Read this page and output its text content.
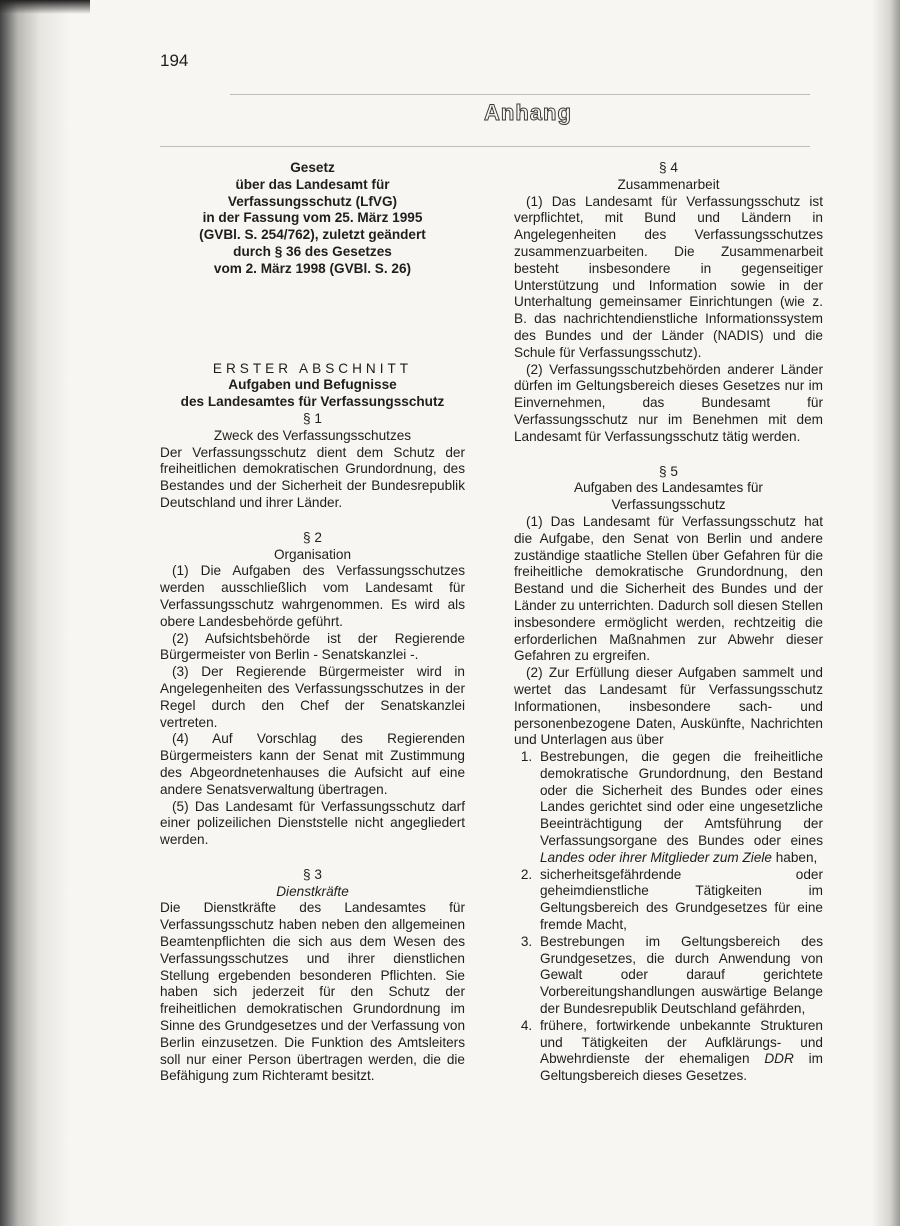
194
Anhang
Gesetz
über das Landesamt für
Verfassungsschutz (LfVG)
in der Fassung vom 25. März 1995
(GVBl. S. 254/762), zuletzt geändert
durch § 36 des Gesetzes
vom 2. März 1998 (GVBl. S. 26)

ERSTER ABSCHNITT

Aufgaben und Befugnisse

des Landesamtes für Verfassungsschutz

§ 1

Zweck des Verfassungsschutzes

Der Verfassungsschutz dient dem Schutz der freiheitlichen demokratischen Grundordnung, des Bestandes und der Sicherheit der Bundesrepublik Deutschland und ihrer Länder.

§ 2

Organisation

(1) Die Aufgaben des Verfassungsschutzes werden ausschließlich vom Landesamt für Verfassungsschutz wahrgenommen. Es wird als obere Landesbehörde geführt.

(2) Aufsichtsbehörde ist der Regierende Bürgermeister von Berlin - Senatskanzlei -.

(3) Der Regierende Bürgermeister wird in Angelegenheiten des Verfassungsschutzes in der Regel durch den Chef der Senatskanzlei vertreten.

(4) Auf Vorschlag des Regierenden Bürgermeisters kann der Senat mit Zustimmung des Abgeordnetenhauses die Aufsicht auf eine andere Senatsverwaltung übertragen.

(5) Das Landesamt für Verfassungsschutz darf einer polizeilichen Dienststelle nicht angegliedert werden.

§ 3

Dienstkräfte

Die Dienstkräfte des Landesamtes für Verfassungsschutz haben neben den allgemeinen Beamtenpflichten die sich aus dem Wesen des Verfassungsschutzes und ihrer dienstlichen Stellung ergebenden besonderen Pflichten. Sie haben sich jederzeit für den Schutz der freiheitlichen demokratischen Grundordnung im Sinne des Grundgesetzes und der Verfassung von Berlin einzusetzen. Die Funktion des Amtsleiters soll nur einer Person übertragen werden, die die Befähigung zum Richteramt besitzt.

§ 4

Zusammenarbeit

(1) Das Landesamt für Verfassungsschutz ist verpflichtet, mit Bund und Ländern in Angelegenheiten des Verfassungsschutzes zusammenzuarbeiten. Die Zusammenarbeit besteht insbesondere in gegenseitiger Unterstützung und Information sowie in der Unterhaltung gemeinsamer Einrichtungen (wie z. B. das nachrichtendienstliche Informationssystem des Bundes und der Länder (NADIS) und die Schule für Verfassungsschutz).

(2) Verfassungsschutzbehörden anderer Länder dürfen im Geltungsbereich dieses Gesetzes nur im Einvernehmen, das Bundesamt für Verfassungsschutz nur im Benehmen mit dem Landesamt für Verfassungsschutz tätig werden.

§ 5

Aufgaben des Landesamtes für

Verfassungsschutz

(1) Das Landesamt für Verfassungsschutz hat die Aufgabe, den Senat von Berlin und andere zuständige staatliche Stellen über Gefahren für die freiheitliche demokratische Grundordnung, den Bestand und die Sicherheit des Bundes und der Länder zu unterrichten. Dadurch soll diesen Stellen insbesondere ermöglicht werden, rechtzeitig die erforderlichen Maßnahmen zur Abwehr dieser Gefahren zu ergreifen.

(2) Zur Erfüllung dieser Aufgaben sammelt und wertet das Landesamt für Verfassungsschutz Informationen, insbesondere sach- und personenbezogene Daten, Auskünfte, Nachrichten und Unterlagen aus über

1. Bestrebungen, die gegen die freiheitliche demokratische Grundordnung, den Bestand oder die Sicherheit des Bundes oder eines Landes gerichtet sind oder eine ungesetzliche Beeinträchtigung der Amtsführung der Verfassungsorgane des Bundes oder eines Landes oder ihrer Mitglieder zum Ziele haben,
2. sicherheitsgefährdende oder geheimdienstliche Tätigkeiten im Geltungsbereich des Grundgesetzes für eine fremde Macht,
3. Bestrebungen im Geltungsbereich des Grundgesetzes, die durch Anwendung von Gewalt oder darauf gerichtete Vorbereitungshandlungen auswärtige Belange der Bundesrepublik Deutschland gefährden,
4. frühere, fortwirkende unbekannte Strukturen und Tätigkeiten der Aufklärungs- und Abwehrdienste der ehemaligen DDR im Geltungsbereich dieses Gesetzes.
